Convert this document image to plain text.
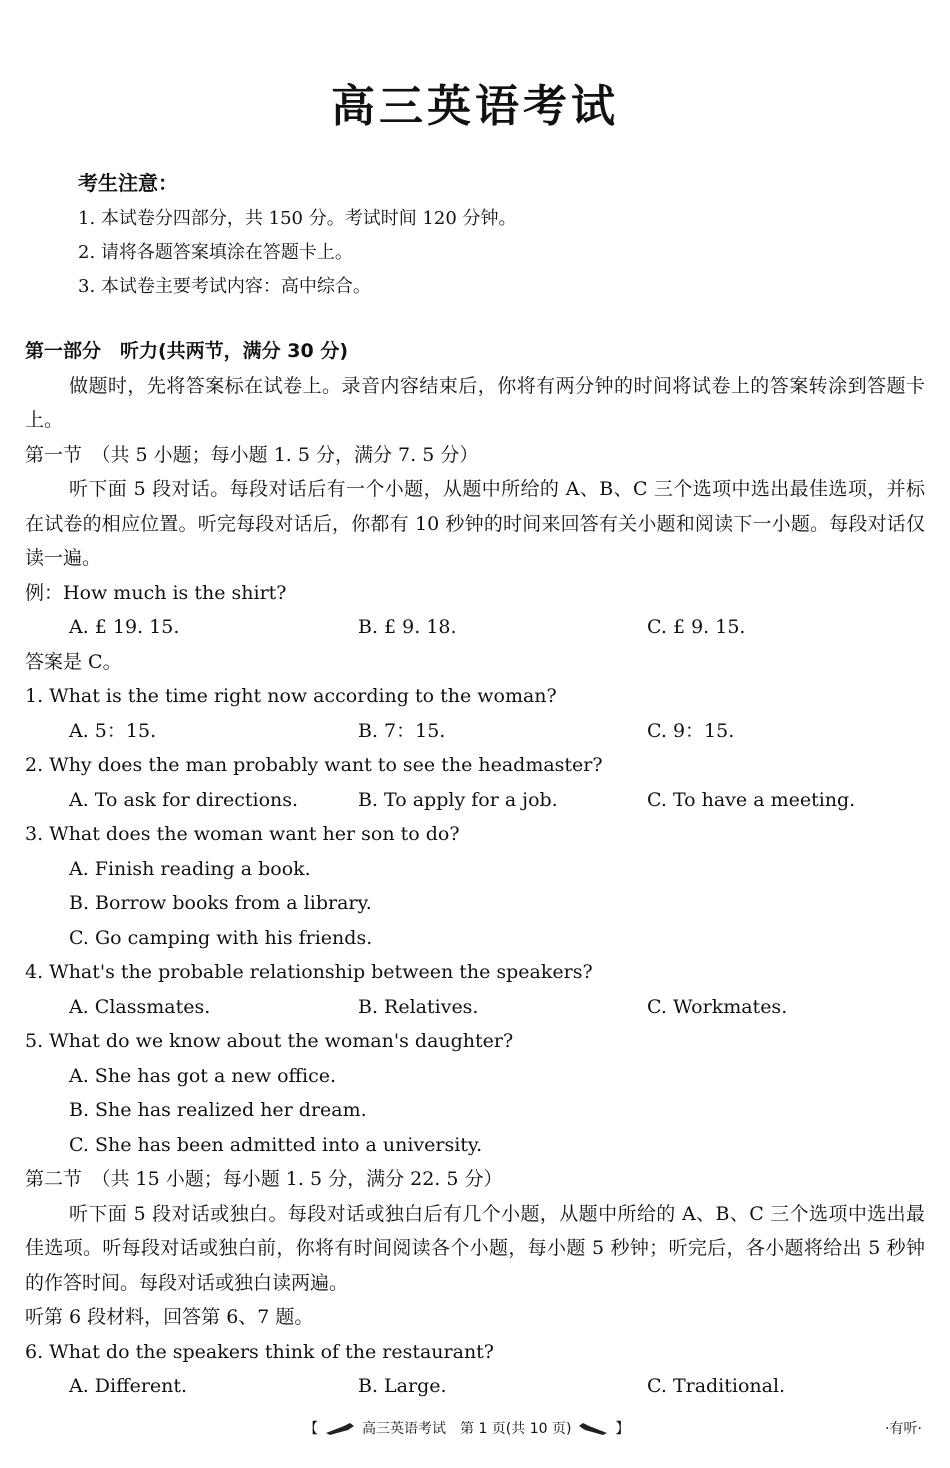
高三英语考试
考生注意：
1. 本试卷分四部分，共 150 分。考试时间 120 分钟。
2. 请将各题答案填涂在答题卡上。
3. 本试卷主要考试内容：高中综合。
第一部分　听力(共两节，满分 30 分)
做题时，先将答案标在试卷上。录音内容结束后，你将有两分钟的时间将试卷上的答案转涂到答题卡上。
第一节　（共 5 小题；每小题 1. 5 分，满分 7. 5 分）
听下面 5 段对话。每段对话后有一个小题，从题中所给的 A、B、C 三个选项中选出最佳选项，并标在试卷的相应位置。听完每段对话后，你都有 10 秒钟的时间来回答有关小题和阅读下一小题。每段对话仅读一遍。
例：How much is the shirt?
A. £ 19. 15.	B. £ 9. 18.	C. £ 9. 15.
答案是 C。
1. What is the time right now according to the woman?
A. 5：15.	B. 7：15.	C. 9：15.
2. Why does the man probably want to see the headmaster?
A. To ask for directions.	B. To apply for a job.	C. To have a meeting.
3. What does the woman want her son to do?
A. Finish reading a book.
B. Borrow books from a library.
C. Go camping with his friends.
4. What's the probable relationship between the speakers?
A. Classmates.	B. Relatives.	C. Workmates.
5. What do we know about the woman's daughter?
A. She has got a new office.
B. She has realized her dream.
C. She has been admitted into a university.
第二节　（共 15 小题；每小题 1. 5 分，满分 22. 5 分）
听下面 5 段对话或独白。每段对话或独白后有几个小题，从题中所给的 A、B、C 三个选项中选出最佳选项。听每段对话或独白前，你将有时间阅读各个小题，每小题 5 秒钟；听完后，各小题将给出 5 秒钟的作答时间。每段对话或独白读两遍。
听第 6 段材料，回答第 6、7 题。
6. What do the speakers think of the restaurant?
A. Different.	B. Large.	C. Traditional.
【	高三英语考试　第 1 页(共 10 页)	】	·有听·
